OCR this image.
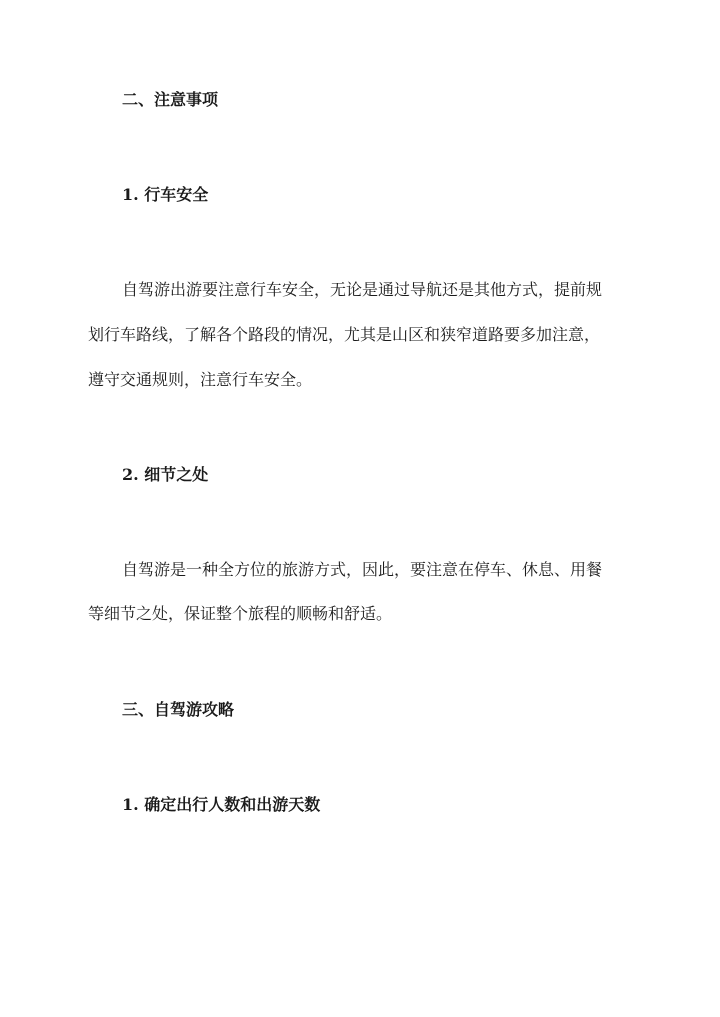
二、注意事项
1. 行车安全

自驾游出游要注意行车安全，无论是通过导航还是其他方式，提前规

划行车路线，了解各个路段的情况，尤其是山区和狭窄道路要多加注意，

遵守交通规则，注意行车安全。

2. 细节之处

自驾游是一种全方位的旅游方式，因此，要注意在停车、休息、用餐

等细节之处，保证整个旅程的顺畅和舒适。

三、自驾游攻略
1. 确定出行人数和出游天数
